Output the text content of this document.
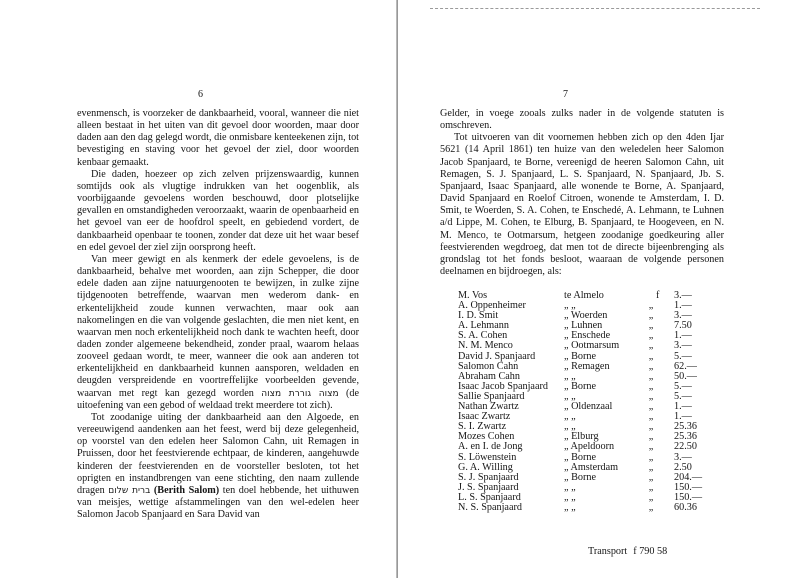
6

evenmensch, is voorzeker de dankbaarheid, vooral, wanneer die niet alleen bestaat in het uiten van dit gevoel door woorden, maar door daden aan den dag gelegd wordt, die onmisbare kenteekenen zijn, tot bevestiging en staving voor het gevoel der ziel, door woorden kenbaar gemaakt.

Die daden, hoezeer op zich zelven prijzenswaardig, kunnen somtijds ook als vlugtige indrukken van het oogenblik, als voorbijgaande gevoelens worden beschouwd, door plotselijke gevallen en omstandigheden veroorzaakt, waarin de openbaarheid en het gevoel van eer de hoofdrol speelt, en gebiedend vordert, de dankbaarheid openbaar te toonen, zonder dat deze uit het waar besef en edel gevoel der ziel zijn oorsprong heeft.

Van meer gewigt en als kenmerk der edele gevoelens, is de dankbaarheid, behalve met woorden, aan zijn Schepper, die door edele daden aan zijne natuurgenooten te bewijzen, in zulke zijne tijdgenooten betreffende, waarvan men wederom dank- en erkentelijkheid zoude kunnen verwachten, maar ook aan nakomelingen en die van volgende geslachten, die men niet kent, en waarvan men noch erkentelijkheid noch dank te wachten heeft, door daden zonder algemeene bekendheid, zonder praal, waarom helaas zooveel gedaan wordt, te meer, wanneer die ook aan anderen tot erkentelijkheid en dankbaarheid kunnen aansporen, weldaden en deugden verspreidende en voortreffelijke voorbeelden gevende, waarvan met regt kan gezegd worden מצוה גוררת מצוה (de uitoefening van een gebod of weldaad trekt meerdere tot zich).

Tot zoodanige uiting der dankbaarheid aan den Algoede, en vereeuwigend aandenken aan het feest, werd bij deze gelegenheid, op voorstel van den edelen heer Salomon Cahn, uit Remagen in Pruissen, door het feestvierende echtpaar, de kinderen, aangehuwde kinderen der feestvierenden en de voorsteller besloten, tot het oprigten en instandbrengen van eene stichting, den naam zullende dragen ברית שלום (Berith Salom) ten doel hebbende, het uithuwen van meisjes, wettige afstammelingen van den wel-edelen heer Salomon Jacob Spanjaard en Sara David van

7

Gelder, in voege zooals zulks nader in de volgende statuten is omschreven.

Tot uitvoeren van dit voornemen hebben zich op den 4den Ijar 5621 (14 April 1861) ten huize van den weledelen heer Salomon Jacob Spanjaard, te Borne, vereenigd de heeren Salomon Cahn, uit Remagen, S. J. Spanjaard, L. S. Spanjaard, N. Spanjaard, Jb. S. Spanjaard, Isaac Spanjaard, alle wonende te Borne, A. Spanjaard, David Spanjaard en Roelof Citroen, wonende te Amsterdam, I. D. Smit, te Woerden, S. A. Cohen, te Enschedé, A. Lehmann, te Luhnen a/d Lippe, M. Cohen, te Elburg, B. Spanjaard, te Hoogeveen, en N. M. Menco, te Ootmarsum, hetgeen zoodanige goedkeuring aller feestvierenden wegdroeg, dat men tot de directe bijeenbrenging als grondslag tot het fonds besloot, waaraan de volgende personen deelnamen en bijdroegen, als:

M. Vos	te Almelo		f	3.—
A. Oppenheimer	„ „	„		1.—
I. D. Smit	„ Woerden	„		3.—
A. Lehmann	„ Luhnen	„		7.50
S. A. Cohen	„ Enschede	„		1.—
N. M. Menco	„ Ootmarsum	„		3.—
David J. Spanjaard	„ Borne	„		5.—
Salomon Cahn	„ Remagen	„		62.—
Abraham Cahn	„ „	„		50.—
Isaac Jacob Spanjaard	„ Borne	„		5.—
Sallie Spanjaard	„ „	„		5.—
Nathan Zwartz	„ Oldenzaal	„		1.—
Isaac Zwartz	„ „	„		1.—
S. I. Zwartz	„ „	„		25.36
Mozes Cohen	„ Elburg	„		25.36
A. en I. de Jong	„ Apeldoorn	„		22.50
S. Löwenstein	„ Borne	„		3.—
G. A. Willing	„ Amsterdam	„		2.50
S. J. Spanjaard	„ Borne	„		204.—
J. S. Spanjaard	„ „	„		150.—
L. S. Spanjaard	„ „	„		150.—
N. S. Spanjaard	„ „	„		60.36
Transport f 790 58
